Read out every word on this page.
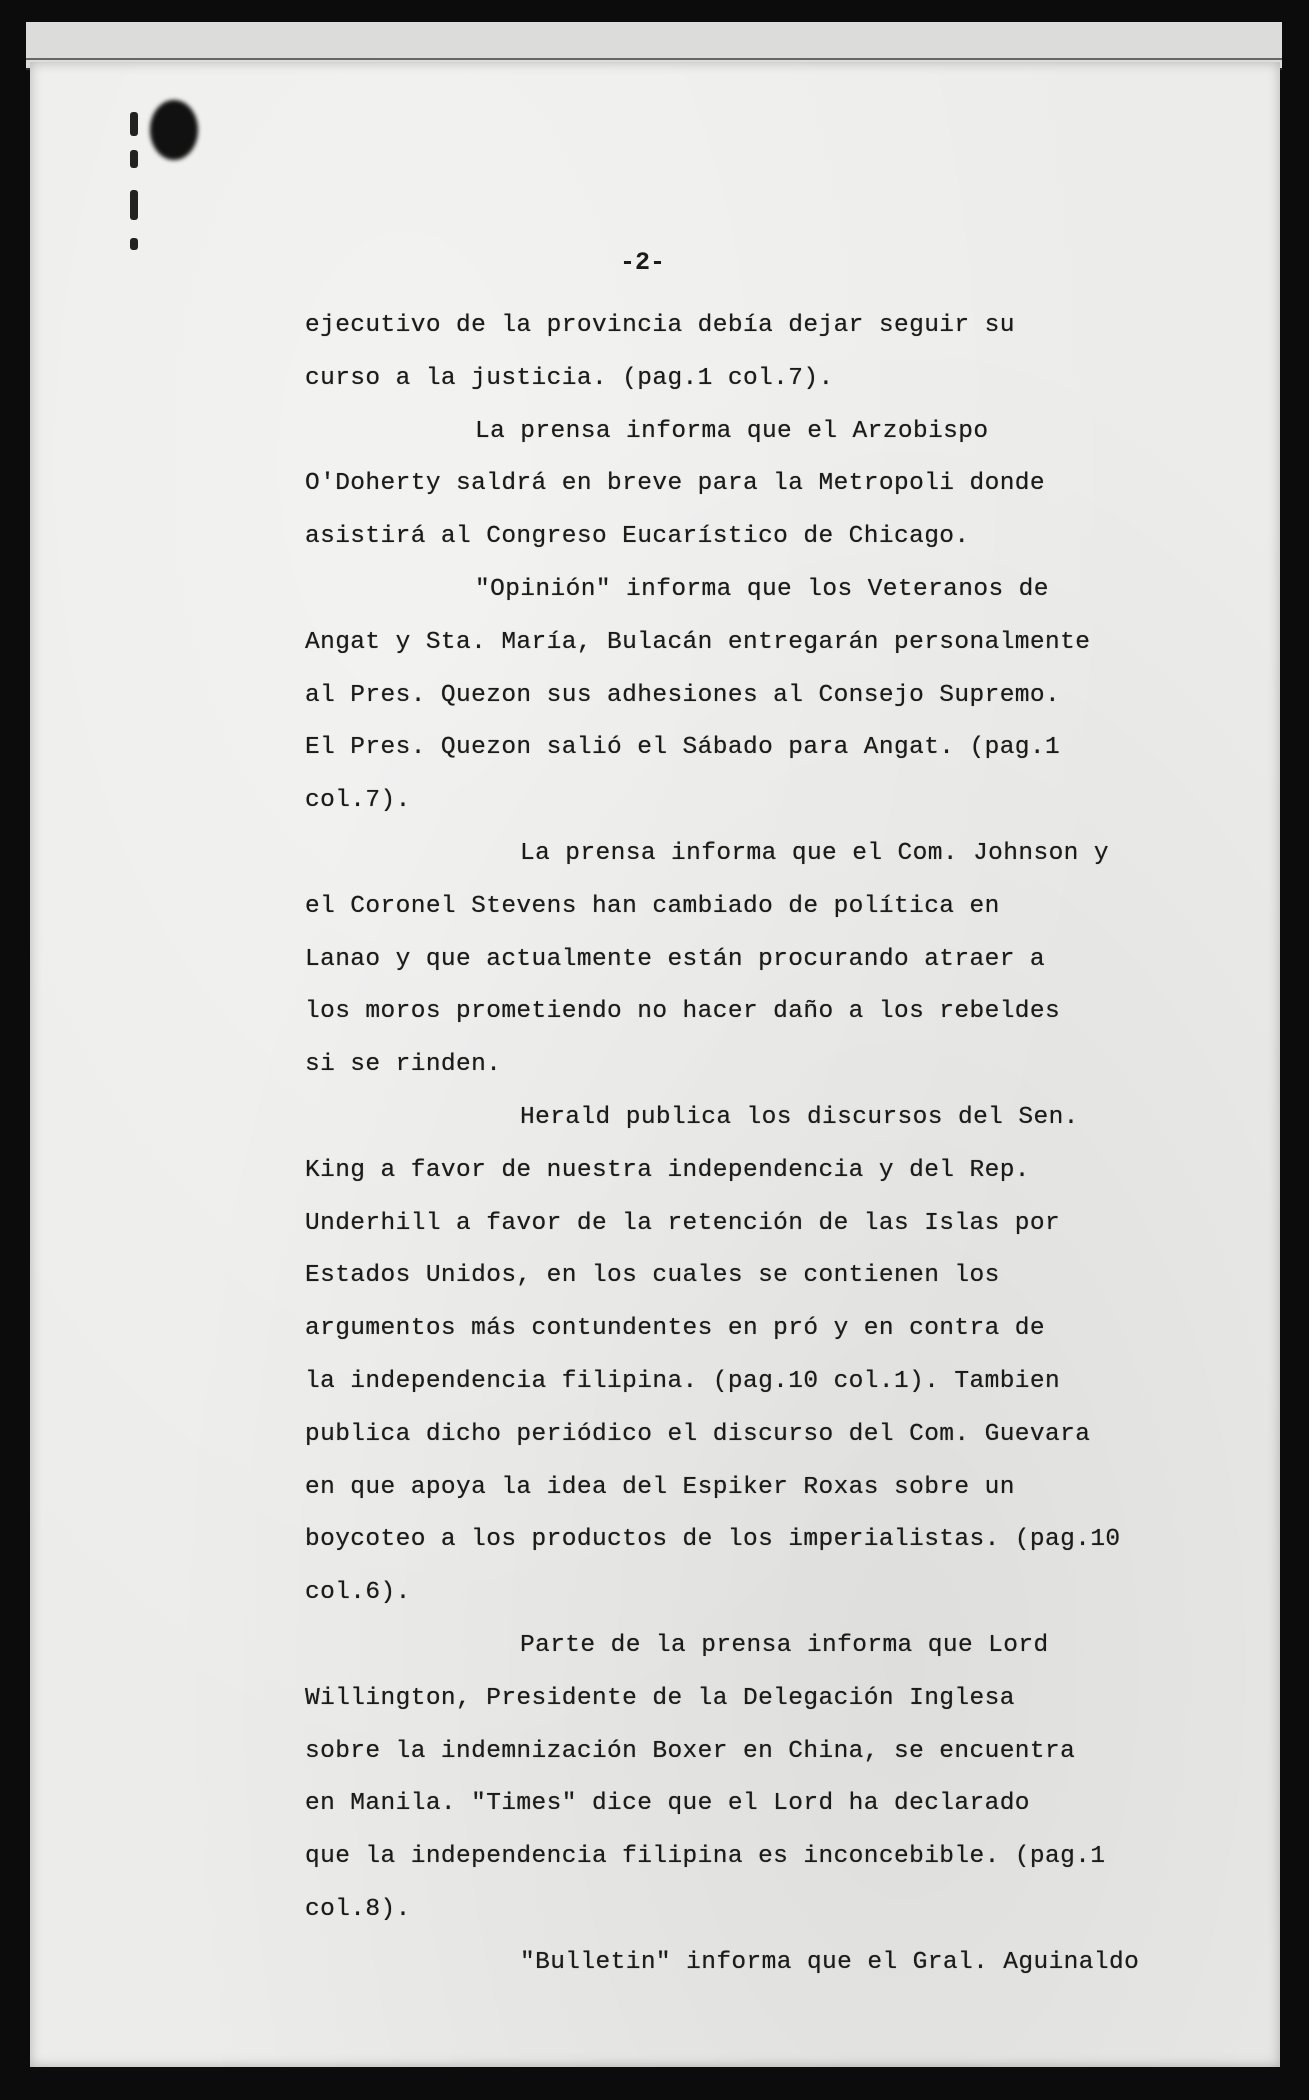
-2-
ejecutivo de la provincia debía dejar seguir su
curso a la justicia. (pag.1 col.7).
La prensa informa que el Arzobispo
O'Doherty saldrá en breve para la Metropoli donde
asistirá al Congreso Eucarístico de Chicago.
"Opinión" informa que los Veteranos de
Angat y Sta. María, Bulacán entregarán personalmente
al Pres. Quezon sus adhesiones al Consejo Supremo.
El Pres. Quezon salió el Sábado para Angat. (pag.1
col.7).
La prensa informa que el Com. Johnson y
el Coronel Stevens han cambiado de política en
Lanao y que actualmente están procurando atraer a
los moros prometiendo no hacer daño a los rebeldes
si se rinden.
Herald publica los discursos del Sen.
King a favor de nuestra independencia y del Rep.
Underhill a favor de la retención de las Islas por
Estados Unidos, en los cuales se contienen los
argumentos más contundentes en pró y en contra de
la independencia filipina. (pag.10 col.1). Tambien
publica dicho periódico el discurso del Com. Guevara
en que apoya la idea del Espiker Roxas sobre un
boycoteo a los productos de los imperialistas. (pag.10
col.6).
Parte de la prensa informa que Lord
Willington, Presidente de la Delegación Inglesa
sobre la indemnización Boxer en China, se encuentra
en Manila. "Times" dice que el Lord ha declarado
que la independencia filipina es inconcebible. (pag.1
col.8).
"Bulletin" informa que el Gral. Aguinaldo
